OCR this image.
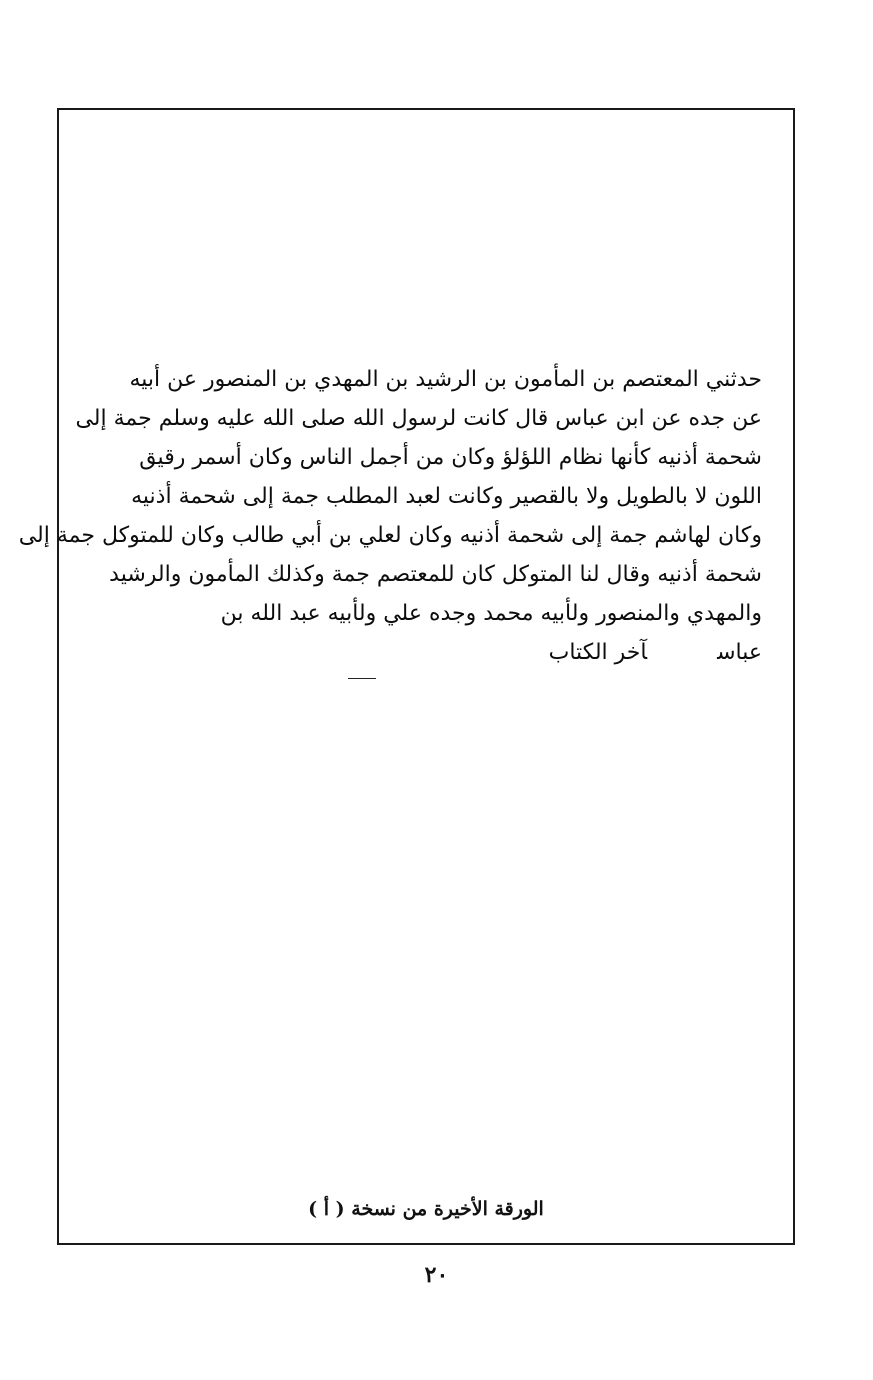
حدثني المعتصم بن المأمون بن الرشيد بن المهدي بن المنصور عن أبيه
عن جده عن ابن عباس قال كانت لرسول الله صلى الله عليه وسلم جمة إلى
شحمة أذنيه كأنها نظام اللؤلؤ وكان من أجمل الناس وكان أسمر رقيق
اللون لا بالطويل ولا بالقصير وكانت لعبد المطلب جمة إلى شحمة أذنيه
وكان لهاشم جمة إلى شحمة أذنيه وكان لعلي بن أبي طالب وكان للمتوكل جمة إلى
شحمة أذنيه وقال لنا المتوكل كان للمعتصم جمة وكذلك المأمون والرشيد
والمهدي والمنصور ولأبيه محمد وجده علي ولأبيه عبد الله بن
عباسآخر الكتاب
الورقة الأخيرة من نسخة ( أ )
٢٠
